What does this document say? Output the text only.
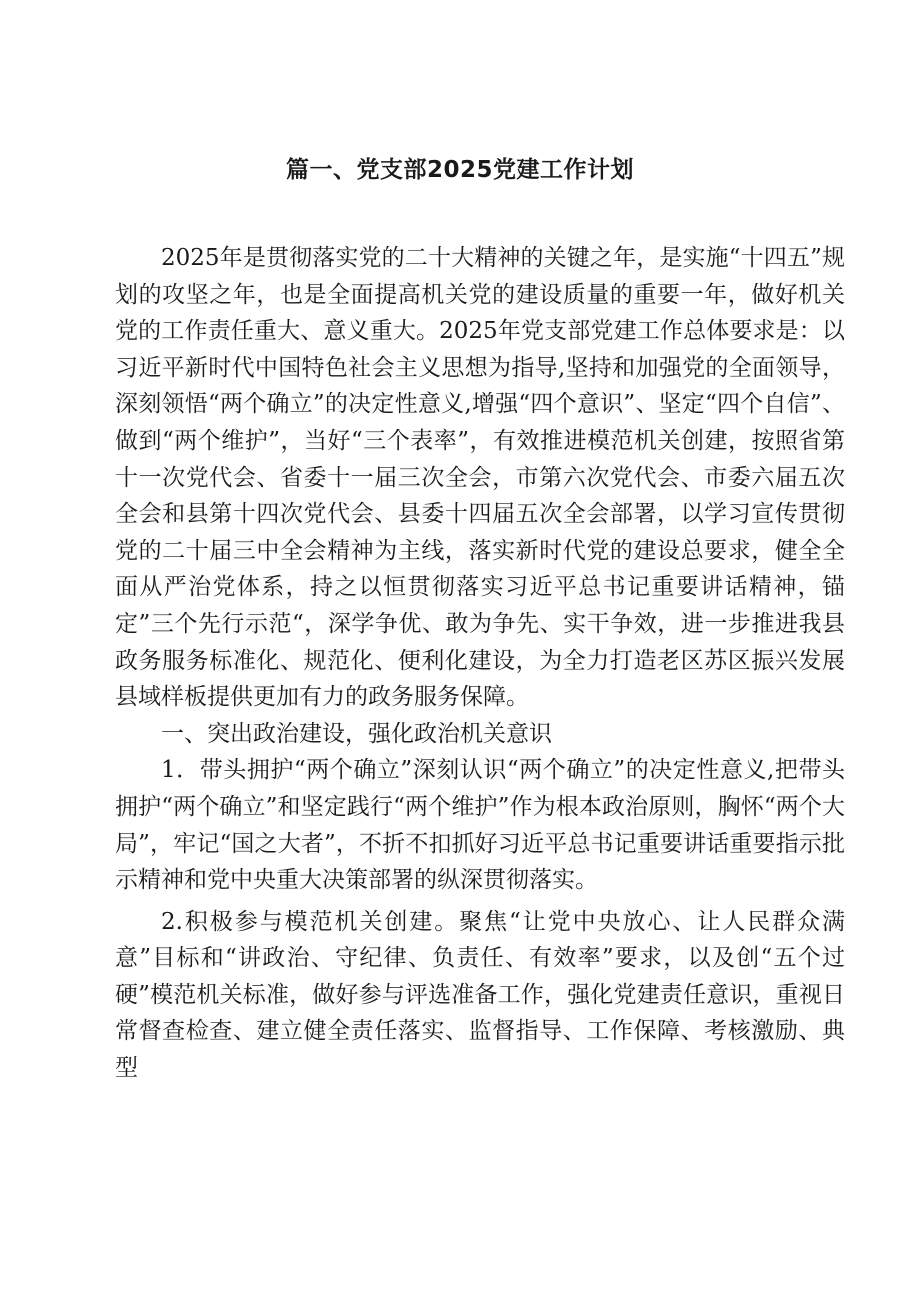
篇一、党支部2025党建工作计划

2025年是贯彻落实党的二十大精神的关键之年，是实施“十四五”规划的攻坚之年，也是全面提高机关党的建设质量的重要一年，做好机关党的工作责任重大、意义重大。2025年党支部党建工作总体要求是：以习近平新时代中国特色社会主义思想为指导,坚持和加强党的全面领导，深刻领悟“两个确立”的决定性意义,增强“四个意识”、坚定“四个自信”、做到“两个维护”，当好“三个表率”，有效推进模范机关创建，按照省第十一次党代会、省委十一届三次全会，市第六次党代会、市委六届五次全会和县第十四次党代会、县委十四届五次全会部署，以学习宣传贯彻党的二十届三中全会精神为主线，落实新时代党的建设总要求，健全全面从严治党体系，持之以恒贯彻落实习近平总书记重要讲话精神，锚定”三个先行示范“，深学争优、敢为争先、实干争效，进一步推进我县政务服务标准化、规范化、便利化建设，为全力打造老区苏区振兴发展县域样板提供更加有力的政务服务保障。

一、突出政治建设，强化政治机关意识

1．带头拥护“两个确立”深刻认识“两个确立”的决定性意义,把带头拥护“两个确立”和坚定践行“两个维护”作为根本政治原则，胸怀“两个大局”，牢记“国之大者”，不折不扣抓好习近平总书记重要讲话重要指示批示精神和党中央重大决策部署的纵深贯彻落实。

2.积极参与模范机关创建。聚焦“让党中央放心、让人民群众满意”目标和“讲政治、守纪律、负责任、有效率”要求，以及创“五个过硬”模范机关标准，做好参与评选准备工作，强化党建责任意识，重视日常督查检查、建立健全责任落实、监督指导、工作保障、考核激励、典型
